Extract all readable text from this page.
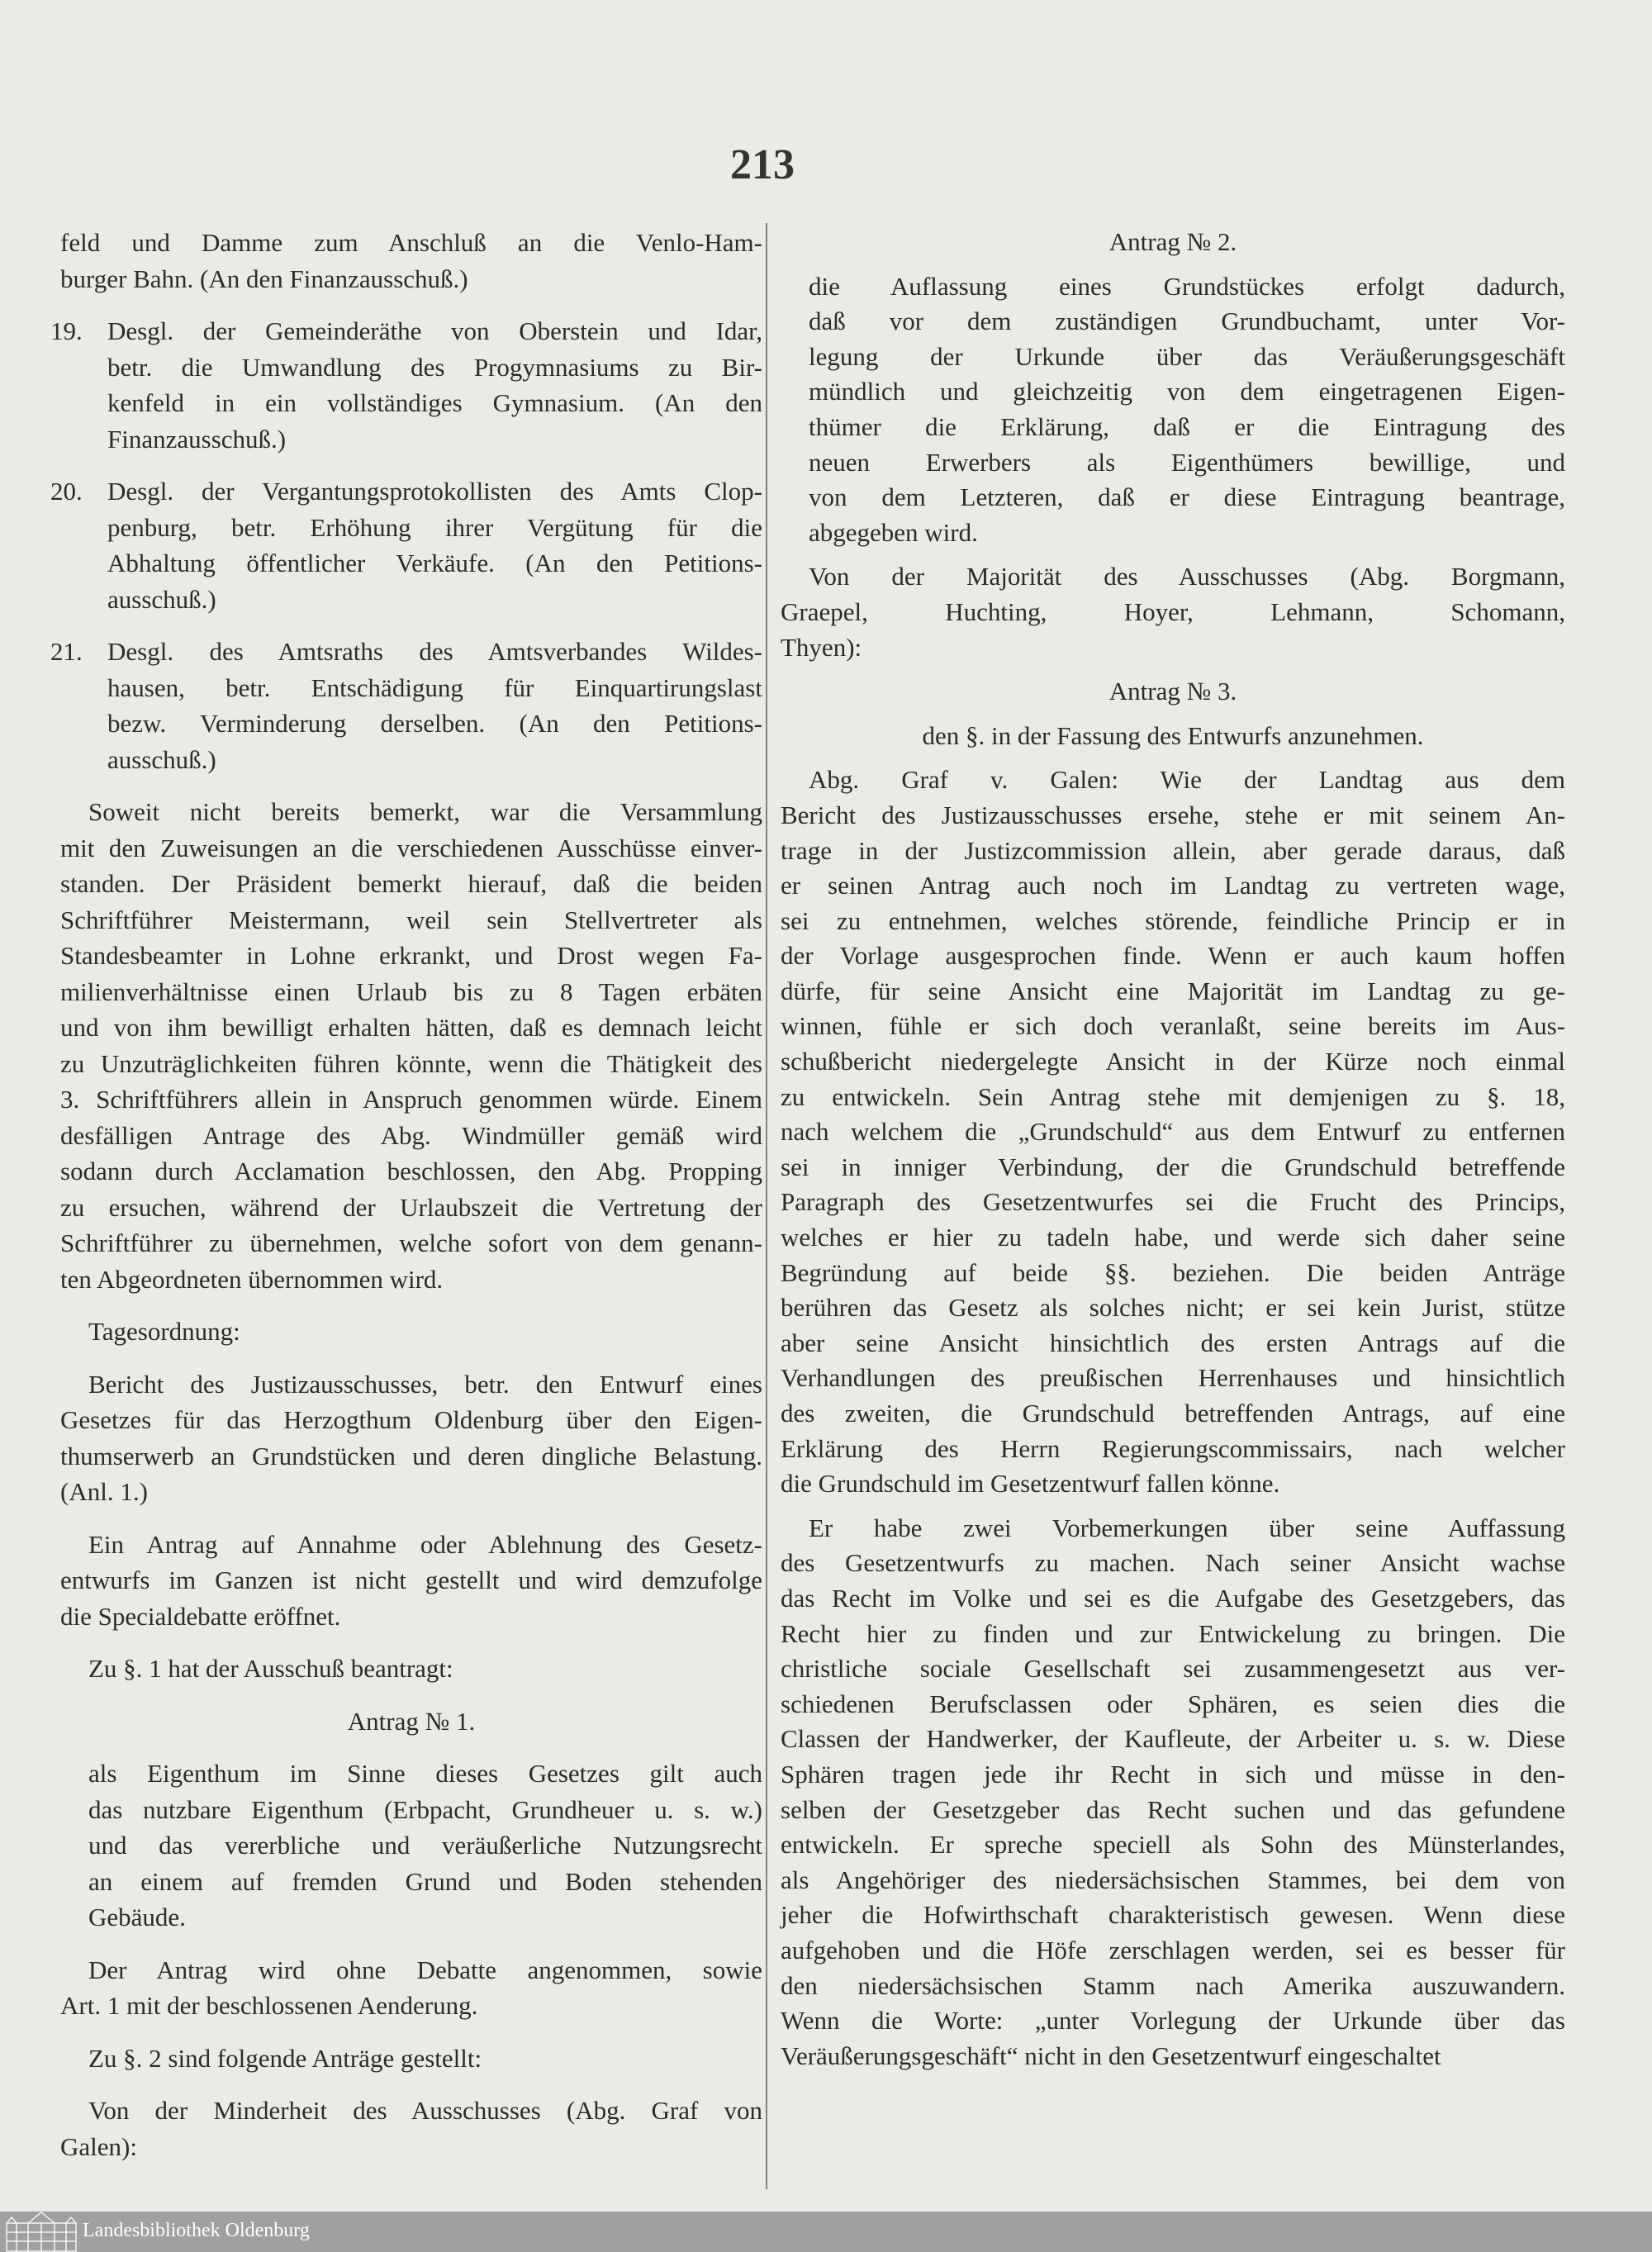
213
feld und Damme zum Anschluß an die Venlo-Ham-
burger Bahn. (An den Finanzausschuß.)
19. Desgl. der Gemeinderäthe von Oberstein und Idar,
betr. die Umwandlung des Progymnasiums zu Bir-
kenfeld in ein vollständiges Gymnasium. (An den
Finanzausschuß.)
20. Desgl. der Vergantungsprotokollisten des Amts Clop-
penburg, betr. Erhöhung ihrer Vergütung für die
Abhaltung öffentlicher Verkäufe. (An den Petitions-
ausschuß.)
21. Desgl. des Amtsraths des Amtsverbandes Wildes-
hausen, betr. Entschädigung für Einquartirungslast
bezw. Verminderung derselben. (An den Petitions-
ausschuß.)
Soweit nicht bereits bemerkt, war die Versammlung
mit den Zuweisungen an die verschiedenen Ausschüsse einver-
standen. Der Präsident bemerkt hierauf, daß die beiden
Schriftführer Meistermann, weil sein Stellvertreter als
Standesbeamter in Lohne erkrankt, und Drost wegen Fa-
milienverhältnisse einen Urlaub bis zu 8 Tagen erbäten
und von ihm bewilligt erhalten hätten, daß es demnach leicht
zu Unzuträglichkeiten führen könnte, wenn die Thätigkeit des
3. Schriftführers allein in Anspruch genommen würde. Einem
desfälligen Antrage des Abg. Windmüller gemäß wird
sodann durch Acclamation beschlossen, den Abg. Propping
zu ersuchen, während der Urlaubszeit die Vertretung der
Schriftführer zu übernehmen, welche sofort von dem genann-
ten Abgeordneten übernommen wird.
Tagesordnung:
Bericht des Justizausschusses, betr. den Entwurf eines
Gesetzes für das Herzogthum Oldenburg über den Eigen-
thumserwerb an Grundstücken und deren dingliche Belastung.
(Anl. 1.)
Ein Antrag auf Annahme oder Ablehnung des Gesetz-
entwurfs im Ganzen ist nicht gestellt und wird demzufolge
die Specialdebatte eröffnet.
Zu §. 1 hat der Ausschuß beantragt:
Antrag № 1.
als Eigenthum im Sinne dieses Gesetzes gilt auch
das nutzbare Eigenthum (Erbpacht, Grundheuer u. s. w.)
und das vererbliche und veräußerliche Nutzungsrecht
an einem auf fremden Grund und Boden stehenden
Gebäude.
Der Antrag wird ohne Debatte angenommen, sowie
Art. 1 mit der beschlossenen Aenderung.
Zu §. 2 sind folgende Anträge gestellt:
Von der Minderheit des Ausschusses (Abg. Graf von
Galen):
Antrag № 2.
die Auflassung eines Grundstückes erfolgt dadurch,
daß vor dem zuständigen Grundbuchamt, unter Vor-
legung der Urkunde über das Veräußerungsgeschäft
mündlich und gleichzeitig von dem eingetragenen Eigen-
thümer die Erklärung, daß er die Eintragung des
neuen Erwerbers als Eigenthümers bewillige, und
von dem Letzteren, daß er diese Eintragung beantrage,
abgegeben wird.
Von der Majorität des Ausschusses (Abg. Borgmann,
Graepel, Huchting, Hoyer, Lehmann, Schomann,
Thyen):
Antrag № 3.
den §. in der Fassung des Entwurfs anzunehmen.
Abg. Graf v. Galen: Wie der Landtag aus dem
Bericht des Justizausschusses ersehe, stehe er mit seinem An-
trage in der Justizcommission allein, aber gerade daraus, daß
er seinen Antrag auch noch im Landtag zu vertreten wage,
sei zu entnehmen, welches störende, feindliche Princip er in
der Vorlage ausgesprochen finde. Wenn er auch kaum hoffen
dürfe, für seine Ansicht eine Majorität im Landtag zu ge-
winnen, fühle er sich doch veranlaßt, seine bereits im Aus-
schußbericht niedergelegte Ansicht in der Kürze noch einmal
zu entwickeln. Sein Antrag stehe mit demjenigen zu §. 18,
nach welchem die „Grundschuld“ aus dem Entwurf zu entfernen
sei in inniger Verbindung, der die Grundschuld betreffende
Paragraph des Gesetzentwurfes sei die Frucht des Princips,
welches er hier zu tadeln habe, und werde sich daher seine
Begründung auf beide §§. beziehen. Die beiden Anträge
berühren das Gesetz als solches nicht; er sei kein Jurist, stütze
aber seine Ansicht hinsichtlich des ersten Antrags auf die
Verhandlungen des preußischen Herrenhauses und hinsichtlich
des zweiten, die Grundschuld betreffenden Antrags, auf eine
Erklärung des Herrn Regierungscommissairs, nach welcher
die Grundschuld im Gesetzentwurf fallen könne.
Er habe zwei Vorbemerkungen über seine Auffassung
des Gesetzentwurfs zu machen. Nach seiner Ansicht wachse
das Recht im Volke und sei es die Aufgabe des Gesetzgebers, das
Recht hier zu finden und zur Entwickelung zu bringen. Die
christliche sociale Gesellschaft sei zusammengesetzt aus ver-
schiedenen Berufsclassen oder Sphären, es seien dies die
Classen der Handwerker, der Kaufleute, der Arbeiter u. s. w. Diese
Sphären tragen jede ihr Recht in sich und müsse in den-
selben der Gesetzgeber das Recht suchen und das gefundene
entwickeln. Er spreche speciell als Sohn des Münsterlandes,
als Angehöriger des niedersächsischen Stammes, bei dem von
jeher die Hofwirthschaft charakteristisch gewesen. Wenn diese
aufgehoben und die Höfe zerschlagen werden, sei es besser für
den niedersächsischen Stamm nach Amerika auszuwandern.
Wenn die Worte: „unter Vorlegung der Urkunde über das
Veräußerungsgeschäft“ nicht in den Gesetzentwurf eingeschaltet
Landesbibliothek Oldenburg
